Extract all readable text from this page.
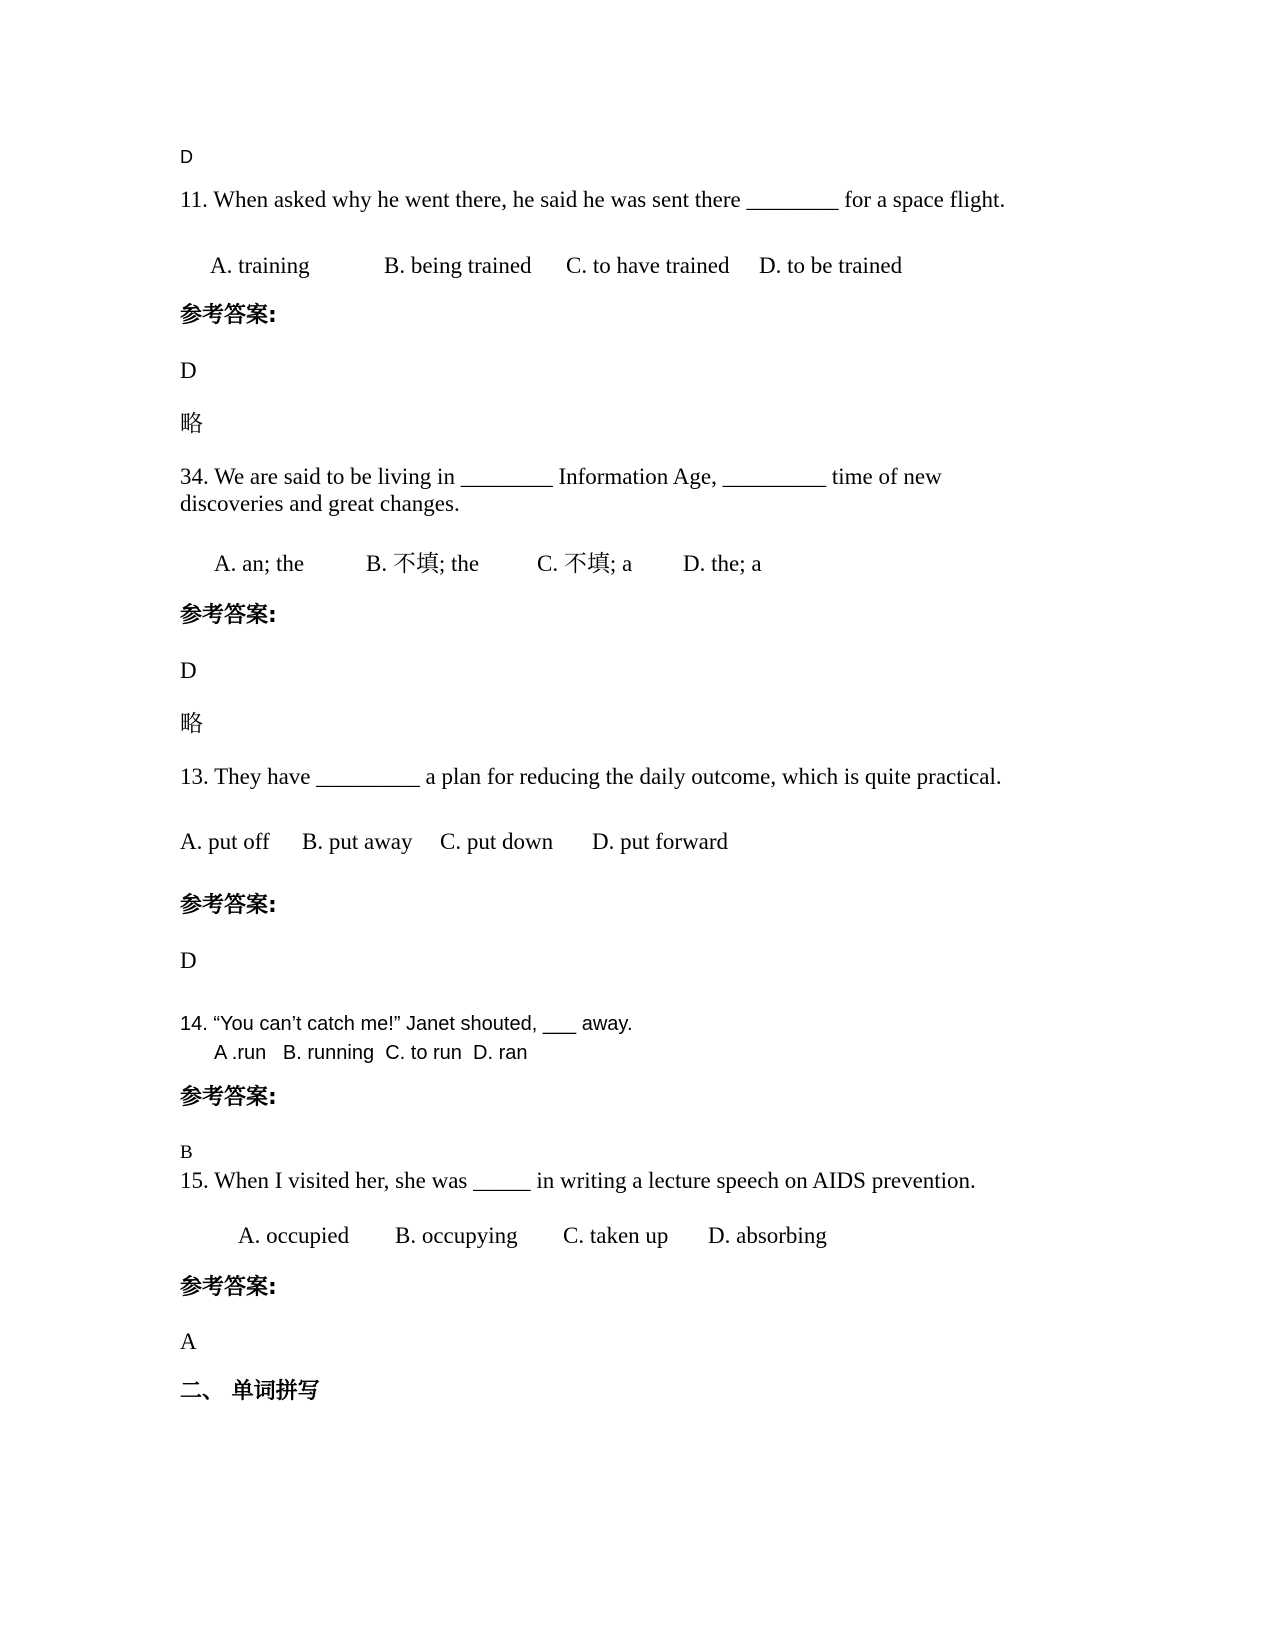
D
11. When asked why he went there, he said he was sent there ________ for a space flight.
A. training	B. being trained C. to have trained D. to be trained
参考答案:
D
略
34. We are said to be living in ________ Information Age, _________ time of new
discoveries and great changes.
A. an; the	B. 不填; the	C. 不填; a D. the; a
参考答案:
D
略
13. They have _________ a plan for reducing the daily outcome, which is quite practical.
A. put off B. put away C. put down D. put forward
参考答案:
D
14. “You can’t catch me!” Janet shouted, ___ away.
A .run   B. running  C. to run  D. ran
参考答案:
B
15. When I visited her, she was _____ in writing a lecture speech on AIDS prevention.
A. occupied B. occupying C. taken up D. absorbing
参考答案:
A
二、 单词拼写
